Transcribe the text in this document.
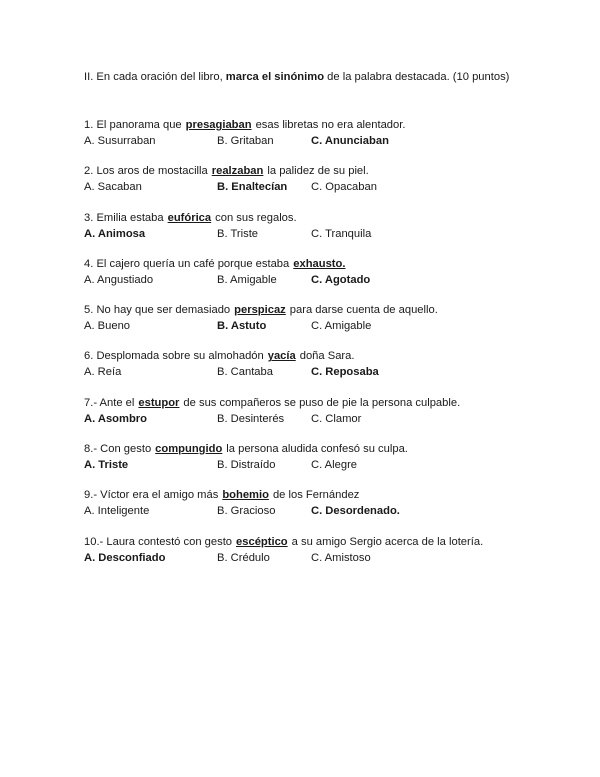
II. En cada oración del libro, marca el sinónimo de la palabra destacada. (10 puntos)
1. El panorama que presagiaban esas libretas no era alentador.
A. Susurraban	B. Gritaban	C. Anunciaban
2. Los aros de mostacilla realzaban la palidez de su piel.
A. Sacaban	B. Enaltecían C. Opacaban
3. Emilia estaba eufórica con sus regalos.
A. Animosa	B. Triste	C. Tranquila
4. El cajero quería un café porque estaba exhausto.
A. Angustiado	B. Amigable	C. Agotado
5. No hay que ser demasiado perspicaz para darse cuenta de aquello.
A. Bueno	B. Astuto	C. Amigable
6. Desplomada sobre su almohadón yacía doña Sara.
A. Reía	B. Cantaba	C. Reposaba
7.- Ante el estupor de sus compañeros se puso de pie la persona culpable.
A. Asombro	B. Desinterés C. Clamor
8.- Con gesto compungido la persona aludida confesó su culpa.
A. Triste	B. Distraído	C. Alegre
9.- Víctor era el amigo más bohemio de los Fernández
A. Inteligente	B. Gracioso	C. Desordenado.
10.- Laura contestó con gesto escéptico a su amigo Sergio acerca de la lotería.
A. Desconfiado	B. Crédulo	C. Amistoso
